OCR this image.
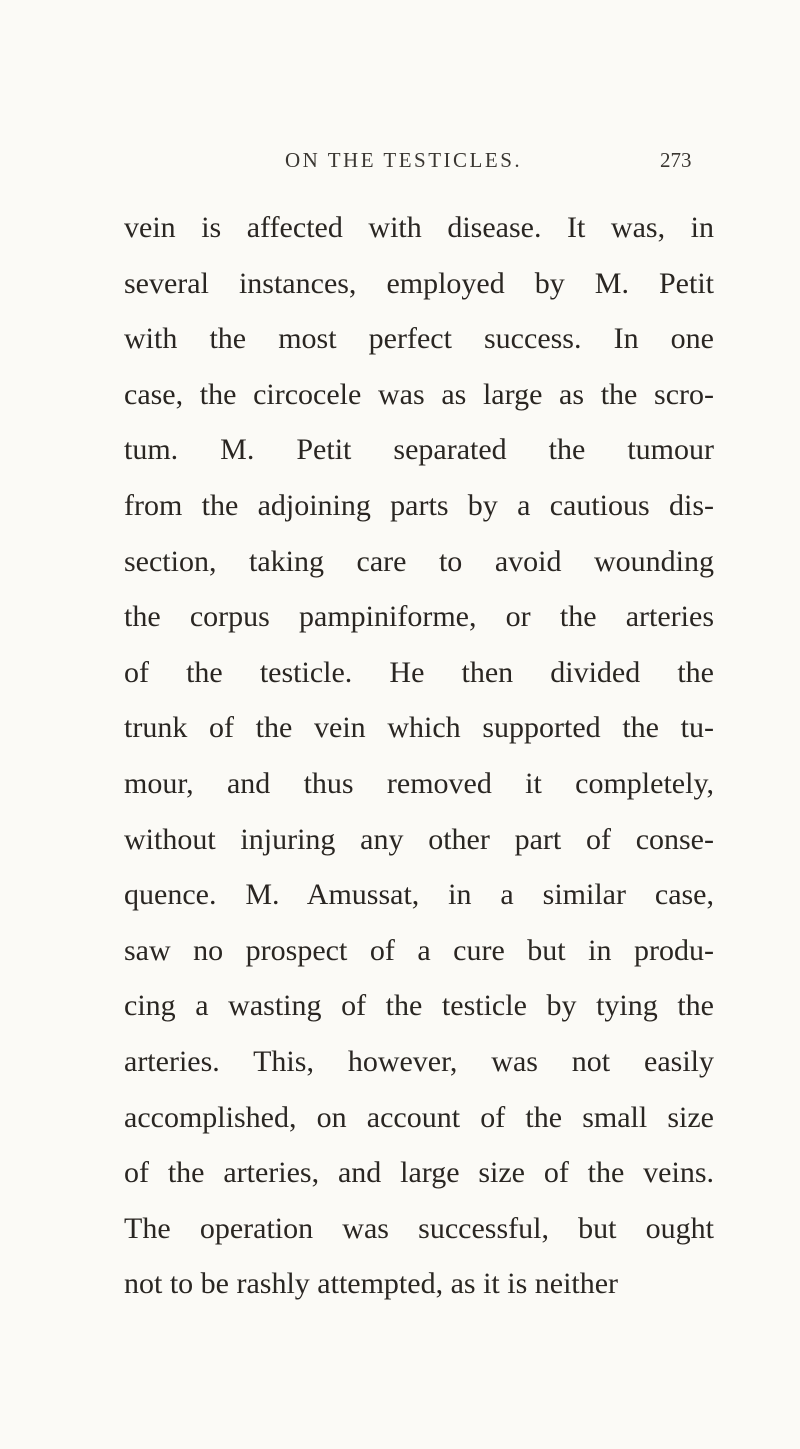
ON THE TESTICLES.	273
vein is affected with disease. It was, in
several instances, employed by M. Petit
with the most perfect success. In one
case, the circocele was as large as the scro-
tum. M. Petit separated the tumour
from the adjoining parts by a cautious dis-
section, taking care to avoid wounding
the corpus pampiniforme, or the arteries
of the testicle. He then divided the
trunk of the vein which supported the tu-
mour, and thus removed it completely,
without injuring any other part of conse-
quence. M. Amussat, in a similar case,
saw no prospect of a cure but in produ-
cing a wasting of the testicle by tying the
arteries. This, however, was not easily
accomplished, on account of the small size
of the arteries, and large size of the veins.
The operation was successful, but ought
not to be rashly attempted, as it is neither
